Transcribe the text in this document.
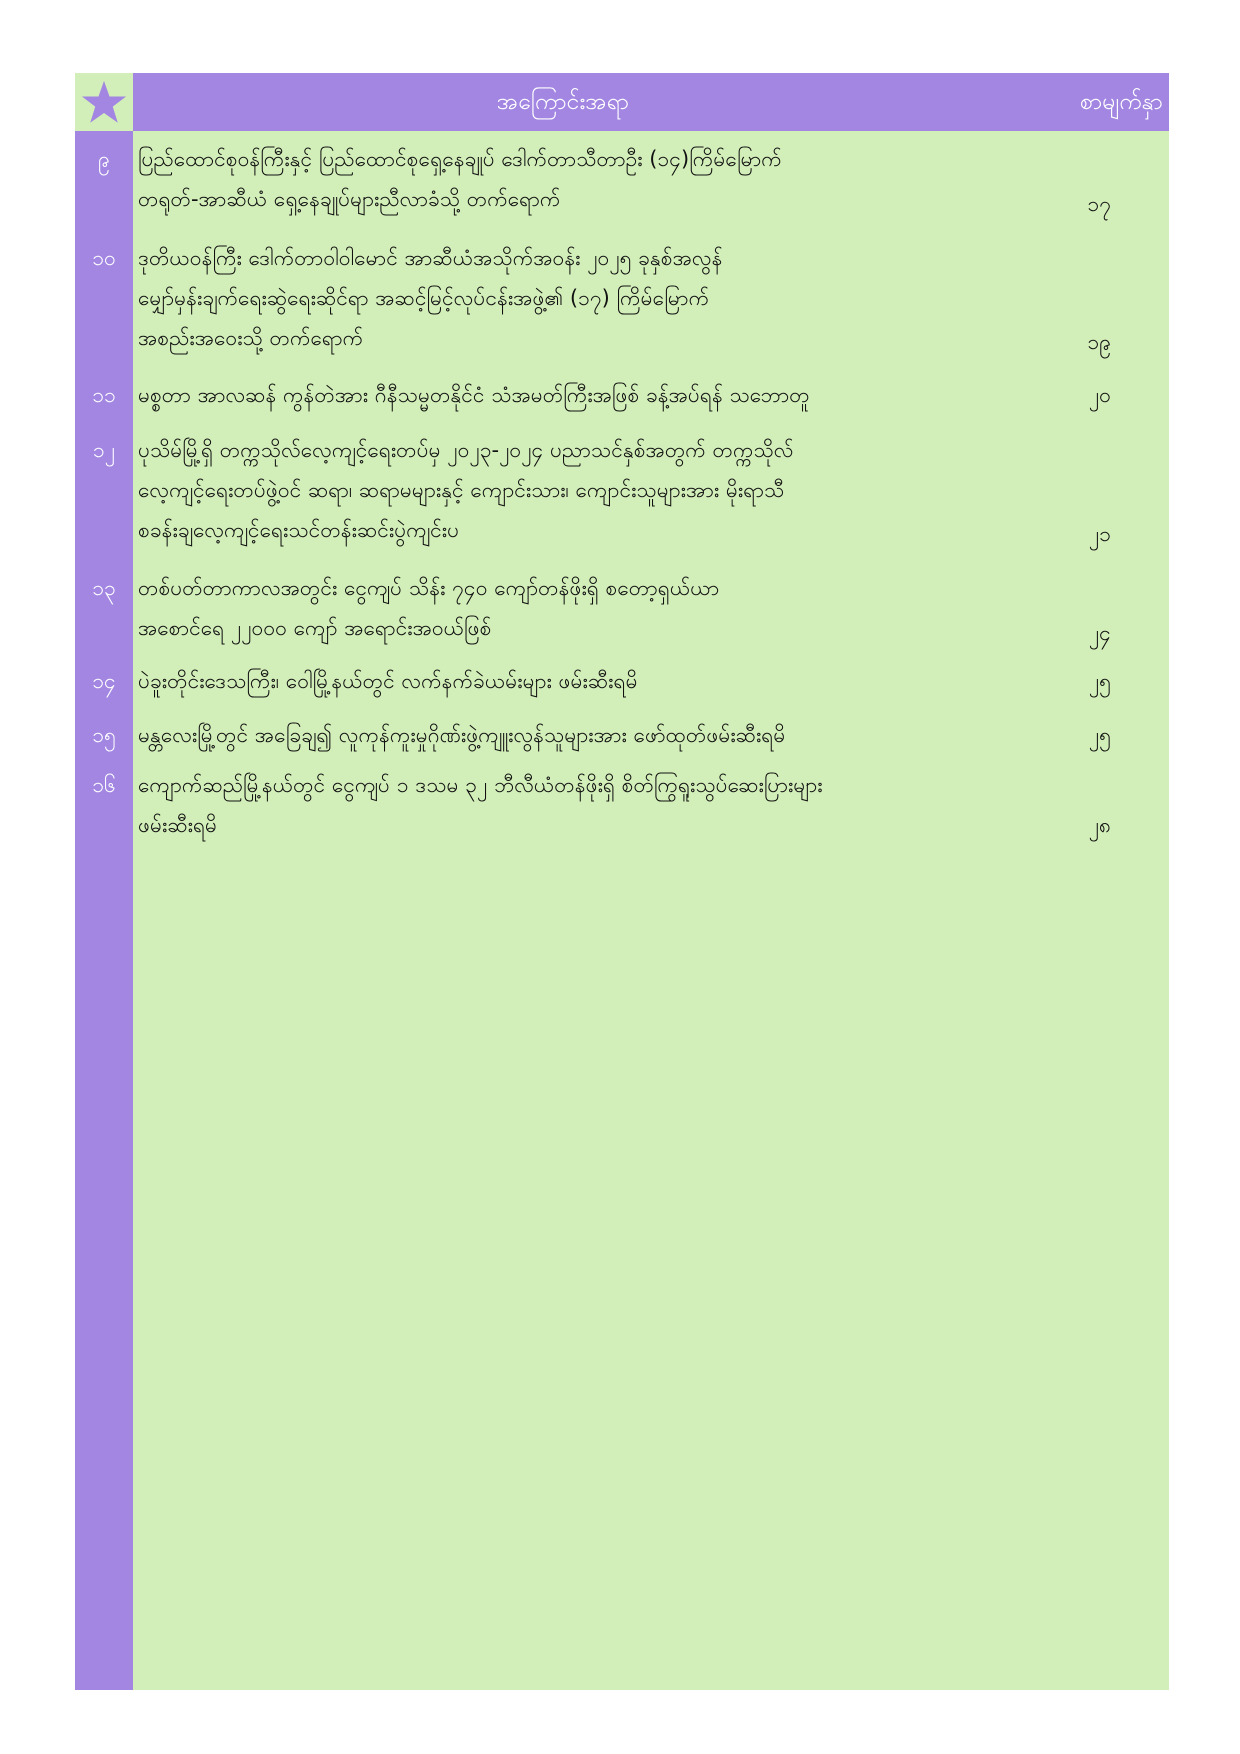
အကြောင်းအရာ	စာမျက်နှာ
၉	ပြည်ထောင်စုဝန်ကြီးနှင့် ပြည်ထောင်စုရှေ့နေချုပ် ဒေါက်တာသီတာဦး (၁၄)ကြိမ်မြောက်
တရုတ်-အာဆီယံ ရှေ့နေချုပ်များညီလာခံသို့ တက်ရောက်	၁၇
၁၀	ဒုတိယဝန်ကြီး ဒေါက်တာဝါဝါမောင် အာဆီယံအသိုက်အဝန်း ၂၀၂၅ ခုနှစ်အလွန်
မျှော်မှန်းချက်ရေးဆွဲရေးဆိုင်ရာ အဆင့်မြင့်လုပ်ငန်းအဖွဲ့၏ (၁၇) ကြိမ်မြောက်
အစည်းအဝေးသို့ တက်ရောက်	၁၉
၁၁	မစ္စတာ အာလဆန် ကွန်တဲအား ဂီနီသမ္မတနိုင်ငံ သံအမတ်ကြီးအဖြစ် ခန့်အပ်ရန် သဘောတူ	၂၀
၁၂	ပုသိမ်မြို့ရှိ တက္ကသိုလ်လေ့ကျင့်ရေးတပ်မှ ၂၀၂၃-၂၀၂၄ ပညာသင်နှစ်အတွက် တက္ကသိုလ်
လေ့ကျင့်ရေးတပ်ဖွဲ့ဝင် ဆရာ၊ ဆရာမများနှင့် ကျောင်းသား၊ ကျောင်းသူများအား မိုးရာသီ
စခန်းချလေ့ကျင့်ရေးသင်တန်းဆင်းပွဲကျင်းပ	၂၁
၁၃	တစ်ပတ်တာကာလအတွင်း ငွေကျပ် သိန်း ၇၄၀ ကျော်တန်ဖိုးရှိ စတော့ရှယ်ယာ
အစောင်ရေ ၂၂၀၀၀ ကျော် အရောင်းအဝယ်ဖြစ်	၂၄
၁၄	ပဲခူးတိုင်းဒေသကြီး၊ ဝေါမြို့နယ်တွင် လက်နက်ခဲယမ်းများ ဖမ်းဆီးရမိ	၂၅
၁၅	မန္တလေးမြို့တွင် အခြေချ၍ လူကုန်ကူးမှုဂိုဏ်းဖွဲ့ကျူးလွန်သူများအား ဖော်ထုတ်ဖမ်းဆီးရမိ	၂၅
၁၆	ကျောက်ဆည်မြို့နယ်တွင် ငွေကျပ် ၁ ဒသမ ၃၂ ဘီလီယံတန်ဖိုးရှိ စိတ်ကြွရူးသွပ်ဆေးပြားများ
ဖမ်းဆီးရမိ	၂၈
